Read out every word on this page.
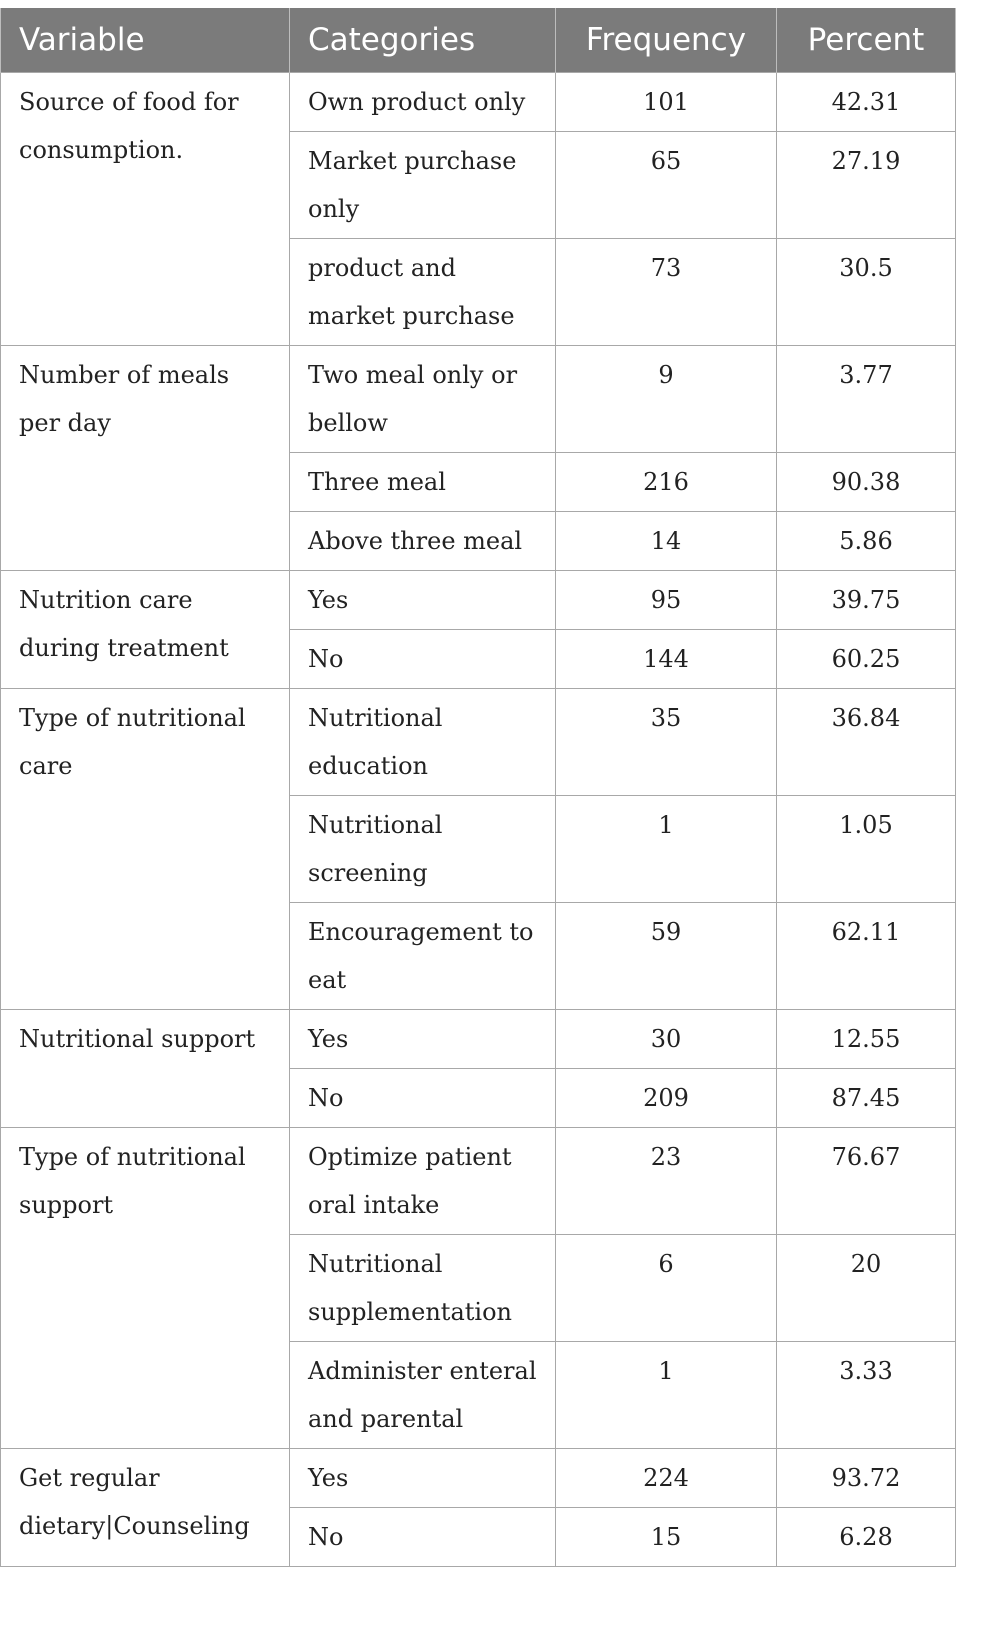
Variable	Categories	Frequency	Percent
Source of food for consumption.	Own product only	101	42.31
	Market purchase only	65	27.19
	product and market purchase	73	30.5
Number of meals per day	Two meal only or bellow	9	3.77
	Three meal	216	90.38
	Above three meal	14	5.86
Nutrition care during treatment	Yes	95	39.75
	No	144	60.25
Type of nutritional care	Nutritional education	35	36.84
	Nutritional screening	1	1.05
	Encouragement to eat	59	62.11
Nutritional support	Yes	30	12.55
	No	209	87.45
Type of nutritional support	Optimize patient oral intake	23	76.67
	Nutritional supplementation	6	20
	Administer enteral and parental	1	3.33
Get regular dietary|Counseling	Yes	224	93.72
	No	15	6.28
